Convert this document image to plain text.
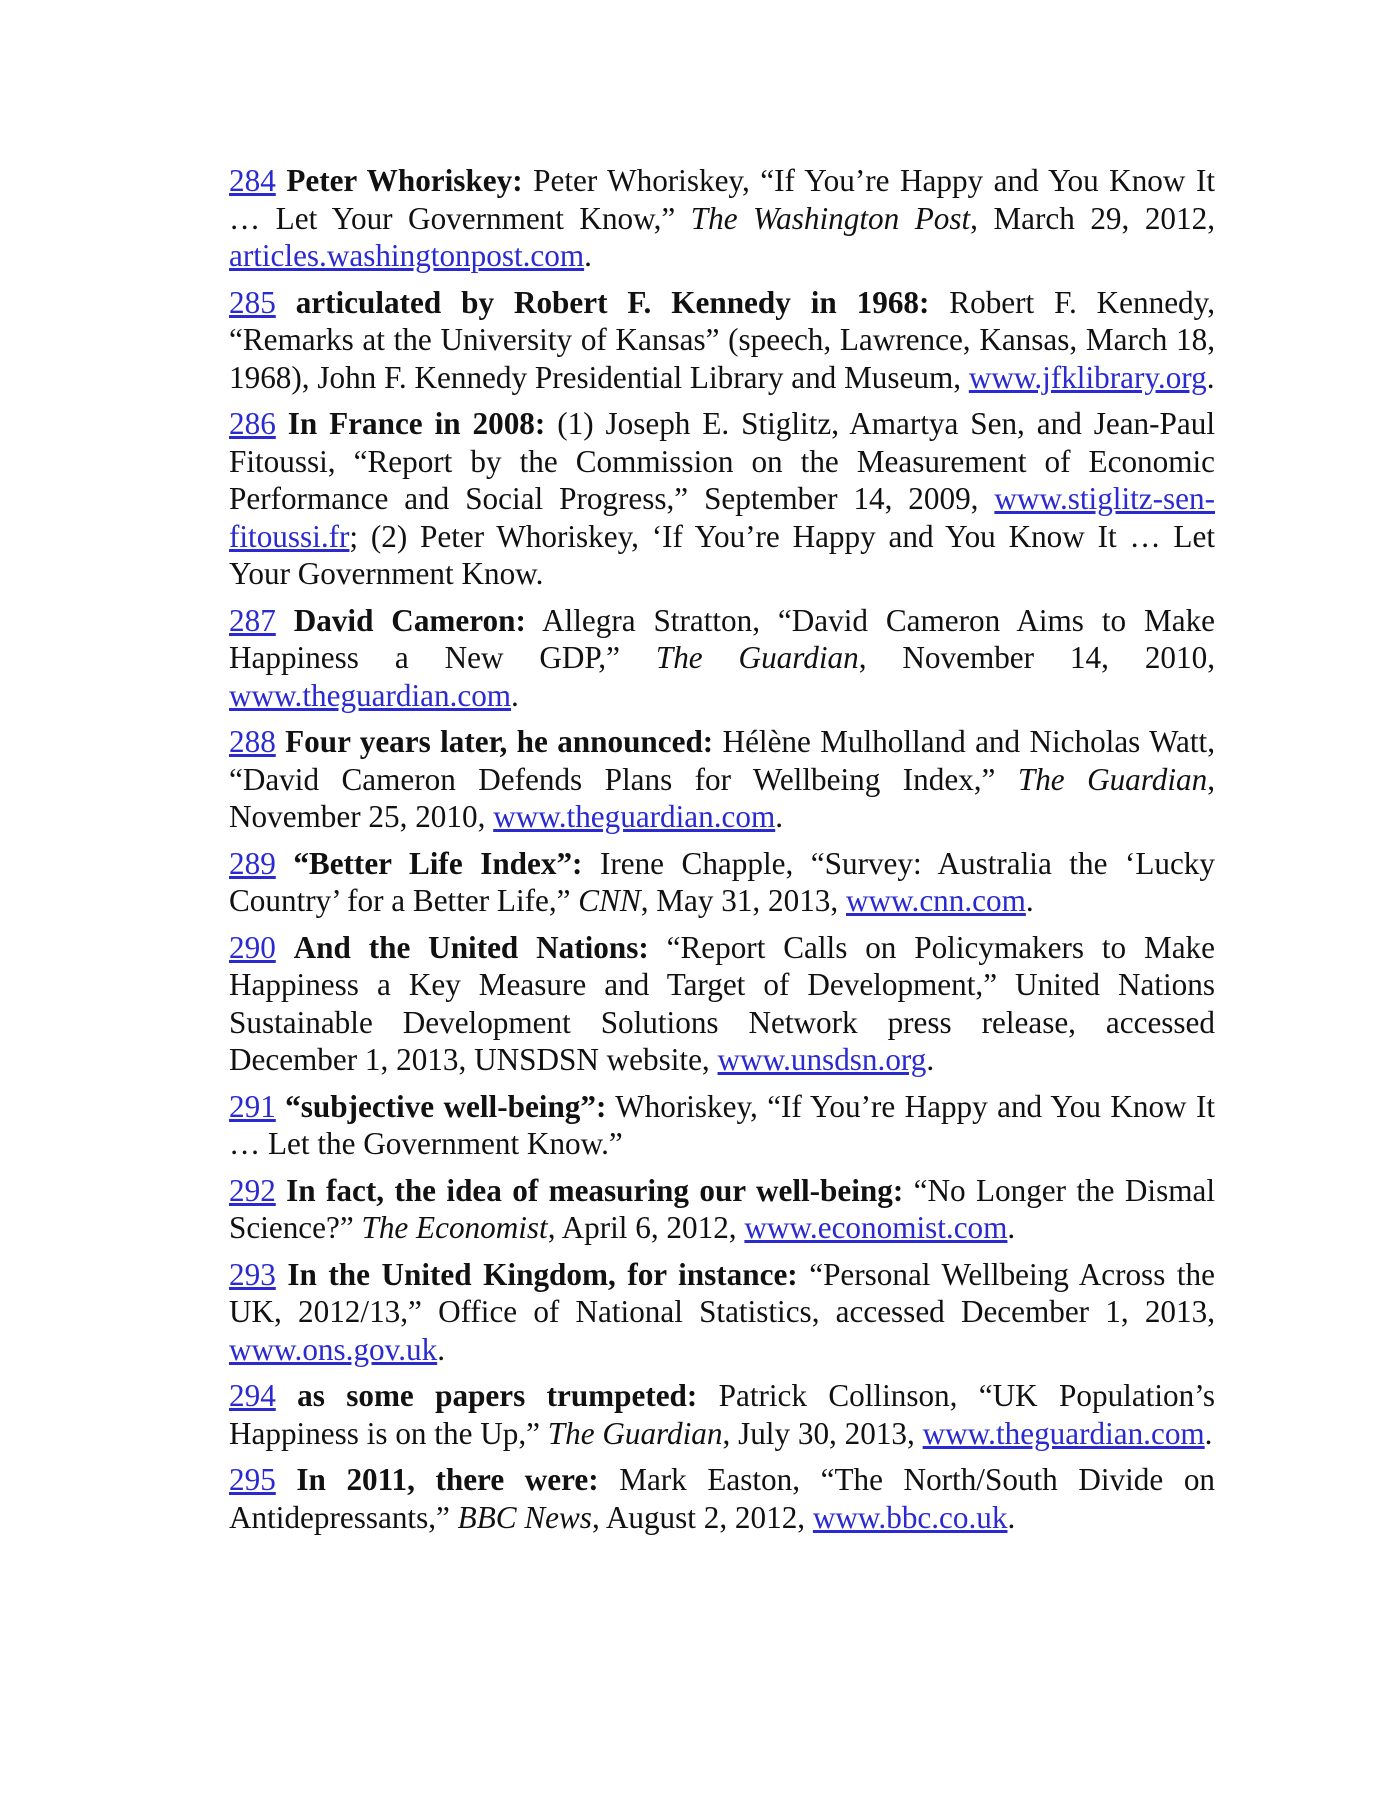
284 Peter Whoriskey: Peter Whoriskey, “If You’re Happy and You Know It … Let Your Government Know,” The Washington Post, March 29, 2012, articles.washingtonpost.com.

285 articulated by Robert F. Kennedy in 1968: Robert F. Kennedy, “Remarks at the University of Kansas” (speech, Lawrence, Kansas, March 18, 1968), John F. Kennedy Presidential Library and Museum, www.jfklibrary.org.

286 In France in 2008: (1) Joseph E. Stiglitz, Amartya Sen, and Jean-Paul Fitoussi, “Report by the Commission on the Measurement of Economic Performance and Social Progress,” September 14, 2009, www.stiglitz-sen-fitoussi.fr; (2) Peter Whoriskey, ‘If You’re Happy and You Know It … Let Your Government Know.

287 David Cameron: Allegra Stratton, “David Cameron Aims to Make Happiness a New GDP,” The Guardian, November 14, 2010, www.theguardian.com.

288 Four years later, he announced: Hélène Mulholland and Nicholas Watt, “David Cameron Defends Plans for Wellbeing Index,” The Guardian, November 25, 2010, www.theguardian.com.

289 “Better Life Index”: Irene Chapple, “Survey: Australia the ‘Lucky Country’ for a Better Life,” CNN, May 31, 2013, www.cnn.com.

290 And the United Nations: “Report Calls on Policymakers to Make Happiness a Key Measure and Target of Development,” United Nations Sustainable Development Solutions Network press release, accessed December 1, 2013, UNSDSN website, www.unsdsn.org.

291 “subjective well-being”: Whoriskey, “If You’re Happy and You Know It … Let the Government Know.”

292 In fact, the idea of measuring our well-being: “No Longer the Dismal Science?” The Economist, April 6, 2012, www.economist.com.

293 In the United Kingdom, for instance: “Personal Wellbeing Across the UK, 2012/13,” Office of National Statistics, accessed December 1, 2013, www.ons.gov.uk.

294 as some papers trumpeted: Patrick Collinson, “UK Population’s Happiness is on the Up,” The Guardian, July 30, 2013, www.theguardian.com.

295 In 2011, there were: Mark Easton, “The North/South Divide on Antidepressants,” BBC News, August 2, 2012, www.bbc.co.uk.
